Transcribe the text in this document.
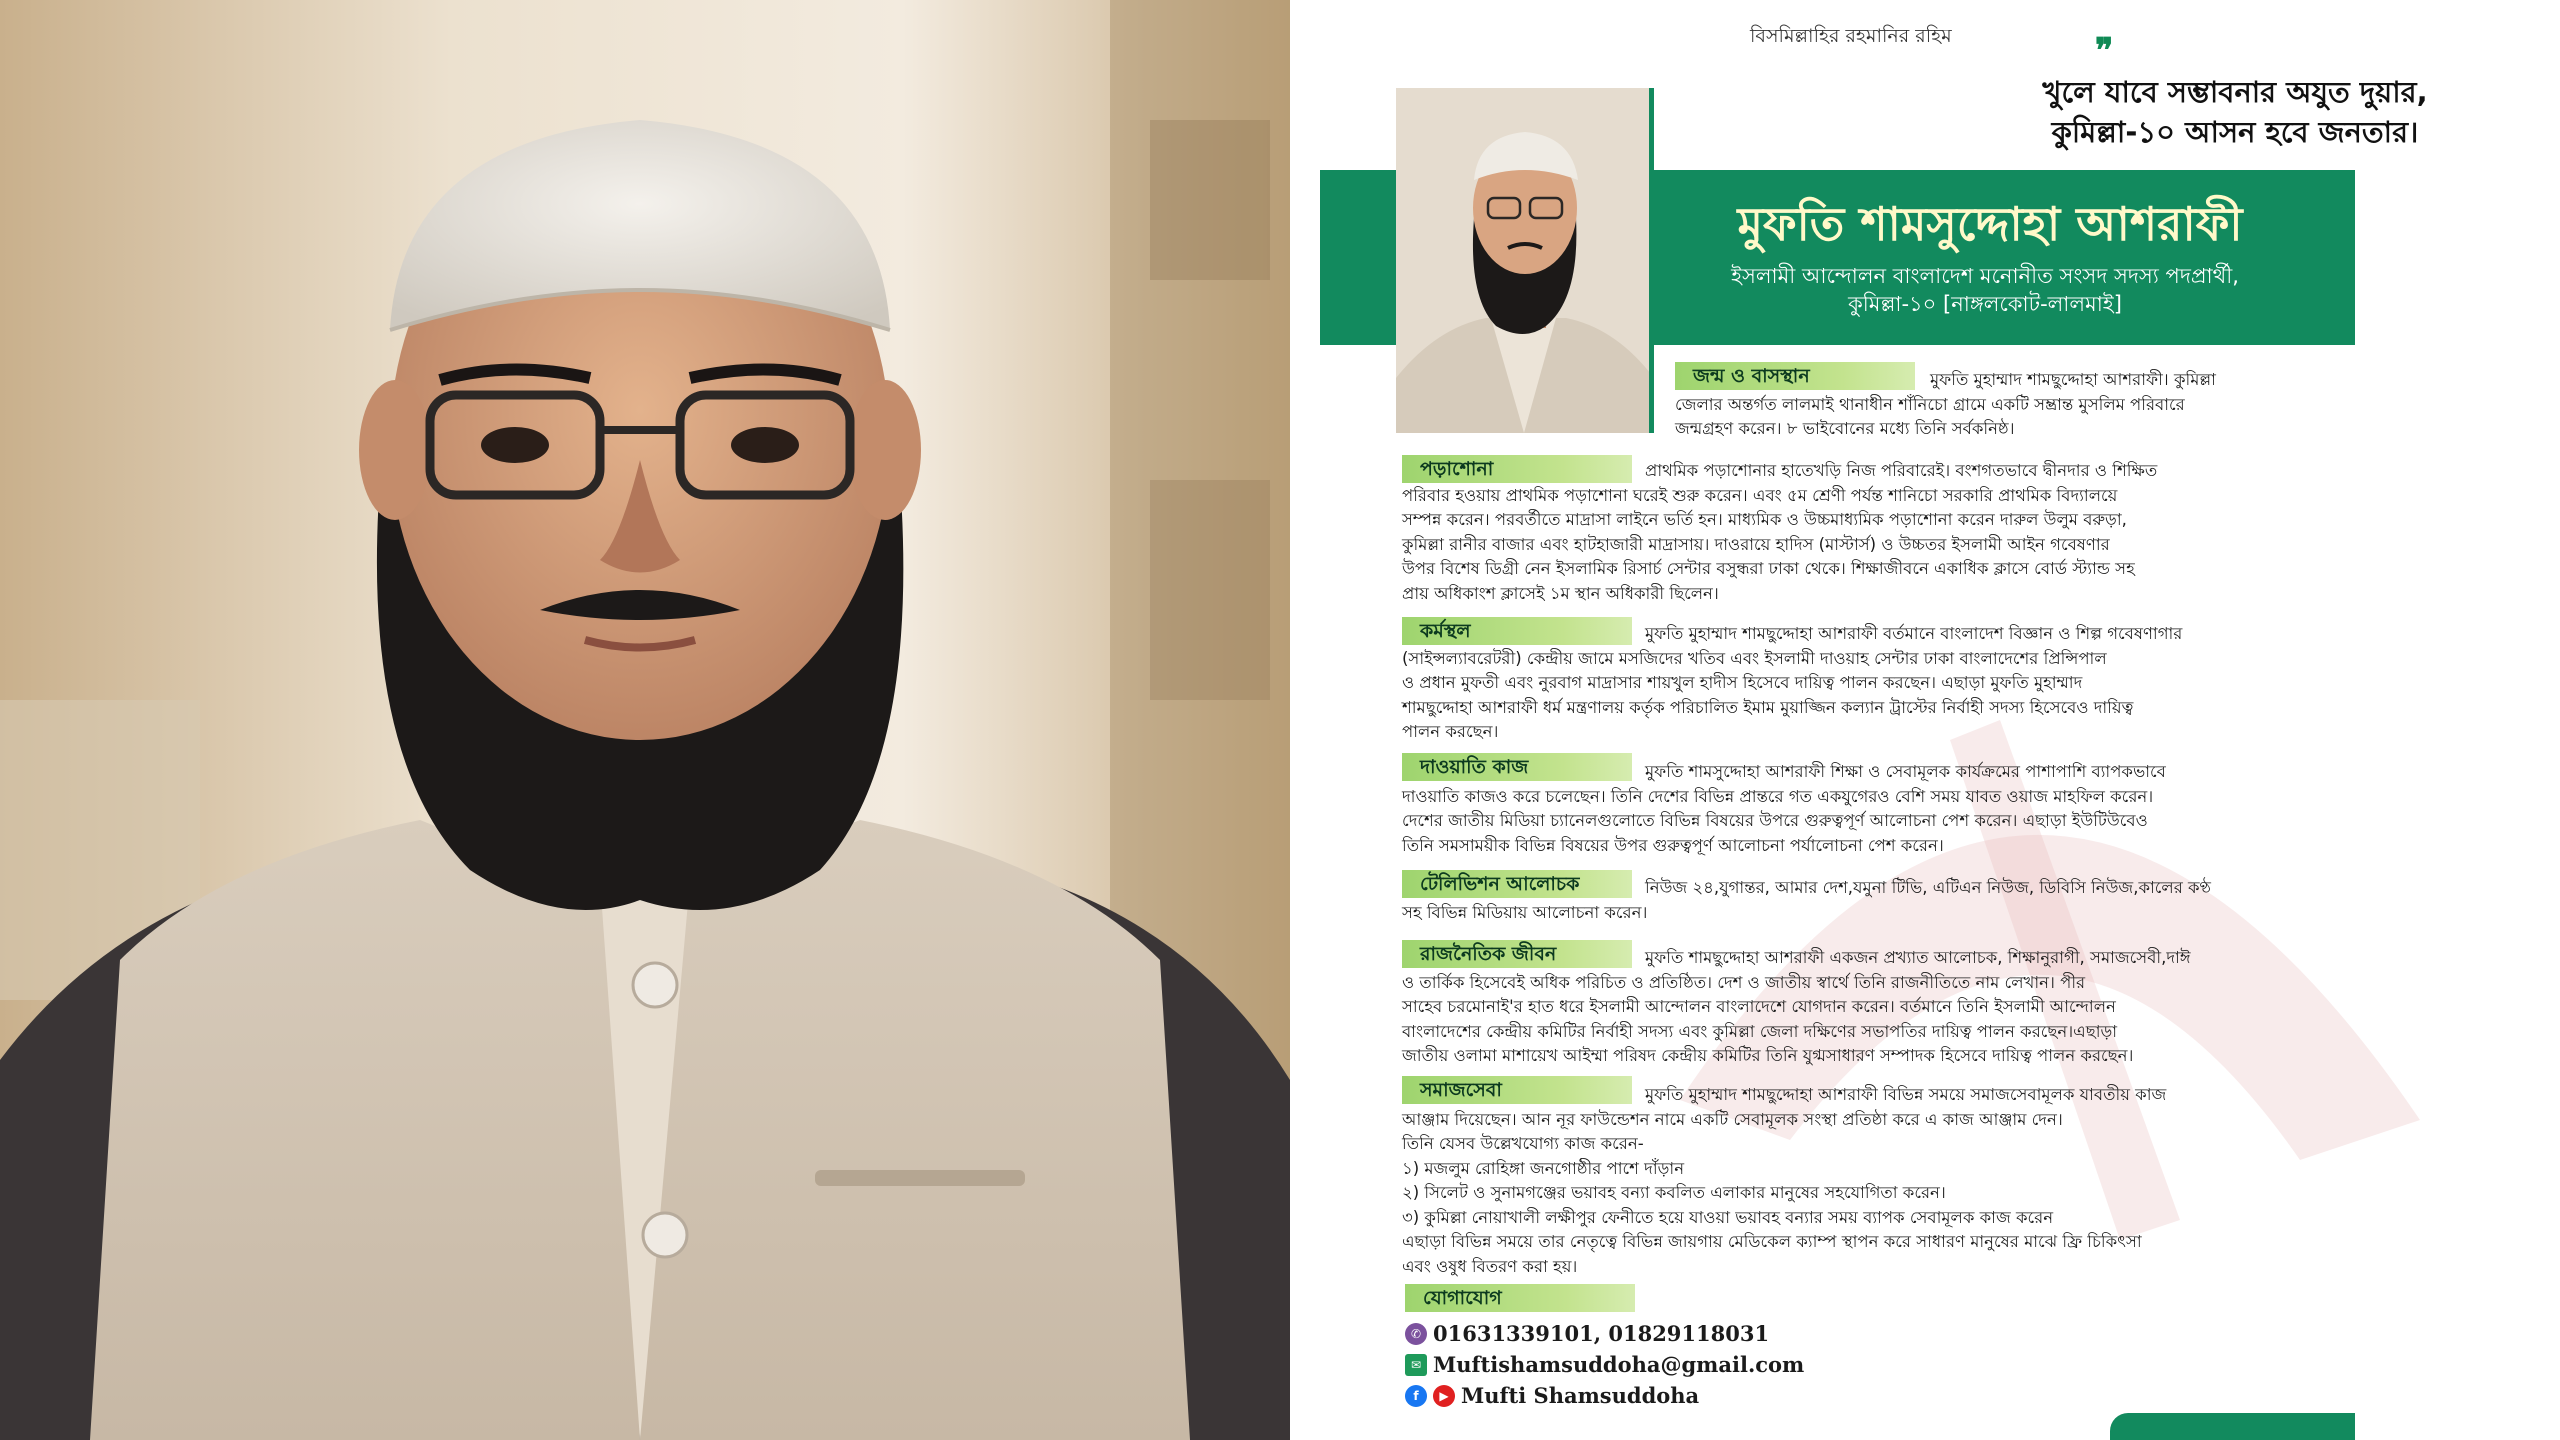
বিসমিল্লাহির রহমানির রহিম	❞
খুলে যাবে সম্ভাবনার অযুত দুয়ার,
কুমিল্লা-১০ আসন হবে জনতার।
মুফতি শামসুদ্দোহা আশরাফী
ইসলামী আন্দোলন বাংলাদেশ মনোনীত সংসদ সদস্য পদপ্রার্থী,
কুমিল্লা-১০ [নাঙ্গলকোট-লালমাই]
জন্ম ও বাসস্থান	মুফতি মুহাম্মাদ শামছুদ্দোহা আশরাফী। কুমিল্লা
জেলার অন্তর্গত লালমাই থানাধীন শাঁনিচো গ্রামে একটি সম্ভ্রান্ত মুসলিম পরিবারে
জন্মগ্রহণ করেন। ৮ ভাইবোনের মধ্যে তিনি সর্বকনিষ্ঠ।
পড়াশোনা	প্রাথমিক পড়াশোনার হাতেখড়ি নিজ পরিবারেই। বংশগতভাবে দ্বীনদার ও শিক্ষিত
পরিবার হওয়ায় প্রাথমিক পড়াশোনা ঘরেই শুরু করেন। এবং ৫ম শ্রেণী পর্যন্ত শানিচো সরকারি প্রাথমিক বিদ্যালয়ে
সম্পন্ন করেন। পরবর্তীতে মাদ্রাসা লাইনে ভর্তি হন। মাধ্যমিক ও উচ্চমাধ্যমিক পড়াশোনা করেন দারুল উলুম বরুড়া,
কুমিল্লা রানীর বাজার এবং হাটহাজারী মাদ্রাসায়। দাওরায়ে হাদিস (মাস্টার্স) ও উচ্চতর ইসলামী আইন গবেষণার
উপর বিশেষ ডিগ্রী নেন ইসলামিক রিসার্চ সেন্টার বসুন্ধরা ঢাকা থেকে। শিক্ষাজীবনে একাধিক ক্লাসে বোর্ড স্ট্যান্ড সহ
প্রায় অধিকাংশ ক্লাসেই ১ম স্থান অধিকারী ছিলেন।
কর্মস্থল	মুফতি মুহাম্মাদ শামছুদ্দোহা আশরাফী বর্তমানে বাংলাদেশ বিজ্ঞান ও শিল্প গবেষণাগার
(সাইন্সল্যাবরেটরী) কেন্দ্রীয় জামে মসজিদের খতিব এবং ইসলামী দাওয়াহ সেন্টার ঢাকা বাংলাদেশের প্রিন্সিপাল
ও প্রধান মুফতী এবং নুরবাগ মাদ্রাসার শায়খুল হাদীস হিসেবে দায়িত্ব পালন করছেন। এছাড়া মুফতি মুহাম্মাদ
শামছুদ্দোহা আশরাফী ধর্ম মন্ত্রণালয় কর্তৃক পরিচালিত ইমাম মুয়াজ্জিন কল্যান ট্রাস্টের নির্বাহী সদস্য হিসেবেও দায়িত্ব
পালন করছেন।
দাওয়াতি কাজ	মুফতি শামসুদ্দোহা আশরাফী শিক্ষা ও সেবামূলক কার্যক্রমের পাশাপাশি ব্যাপকভাবে
দাওয়াতি কাজও করে চলেছেন। তিনি দেশের বিভিন্ন প্রান্তরে গত একযুগেরও বেশি সময় যাবত ওয়াজ মাহফিল করেন।
দেশের জাতীয় মিডিয়া চ্যানেলগুলোতে বিভিন্ন বিষয়ের উপরে গুরুত্বপূর্ণ আলোচনা পেশ করেন। এছাড়া ইউটিউবেও
তিনি সমসাময়ীক বিভিন্ন বিষয়ের উপর গুরুত্বপূর্ণ আলোচনা পর্যালোচনা পেশ করেন।
টেলিভিশন আলোচক	নিউজ ২৪,যুগান্তর, আমার দেশ,যমুনা টিভি, এটিএন নিউজ, ডিবিসি নিউজ,কালের কণ্ঠ
সহ বিভিন্ন মিডিয়ায় আলোচনা করেন।
রাজনৈতিক জীবন	মুফতি শামছুদ্দোহা আশরাফী একজন প্রখ্যাত আলোচক, শিক্ষানুরাগী, সমাজসেবী,দাঈ
ও তার্কিক হিসেবেই অধিক পরিচিত ও প্রতিষ্ঠিত। দেশ ও জাতীয় স্বার্থে তিনি রাজনীতিতে নাম লেখান। পীর
সাহেব চরমোনাই'র হাত ধরে ইসলামী আন্দোলন বাংলাদেশে যোগদান করেন। বর্তমানে তিনি ইসলামী আন্দোলন
বাংলাদেশের কেন্দ্রীয় কমিটির নির্বাহী সদস্য এবং কুমিল্লা জেলা দক্ষিণের সভাপতির দায়িত্ব পালন করছেন।এছাড়া
জাতীয় ওলামা মাশায়েখ আইম্মা পরিষদ কেন্দ্রীয় কমিটির তিনি যুগ্মসাধারণ সম্পাদক হিসেবে দায়িত্ব পালন করছেন।
সমাজসেবা	মুফতি মুহাম্মাদ শামছুদ্দোহা আশরাফী বিভিন্ন সময়ে সমাজসেবামূলক যাবতীয় কাজ
আঞ্জাম দিয়েছেন। আন নূর ফাউন্ডেশন নামে একটি সেবামূলক সংস্থা প্রতিষ্ঠা করে এ কাজ আঞ্জাম দেন।
তিনি যেসব উল্লেখযোগ্য কাজ করেন-
১) মজলুম রোহিঙ্গা জনগোষ্ঠীর পাশে দাঁড়ান
২) সিলেট ও সুনামগঞ্জের ভয়াবহ বন্যা কবলিত এলাকার মানুষের সহযোগিতা করেন।
৩) কুমিল্লা নোয়াখালী লক্ষীপুর ফেনীতে হয়ে যাওয়া ভয়াবহ বন্যার সময় ব্যাপক সেবামূলক কাজ করেন
এছাড়া বিভিন্ন সময়ে তার নেতৃত্বে বিভিন্ন জায়গায় মেডিকেল ক্যাম্প স্থাপন করে সাধারণ মানুষের মাঝে ফ্রি চিকিৎসা
এবং ওষুধ বিতরণ করা হয়।
যোগাযোগ
✆ 01631339101, 01829118031
✉ Muftishamsuddoha@gmail.com
f	▶ Mufti Shamsuddoha
